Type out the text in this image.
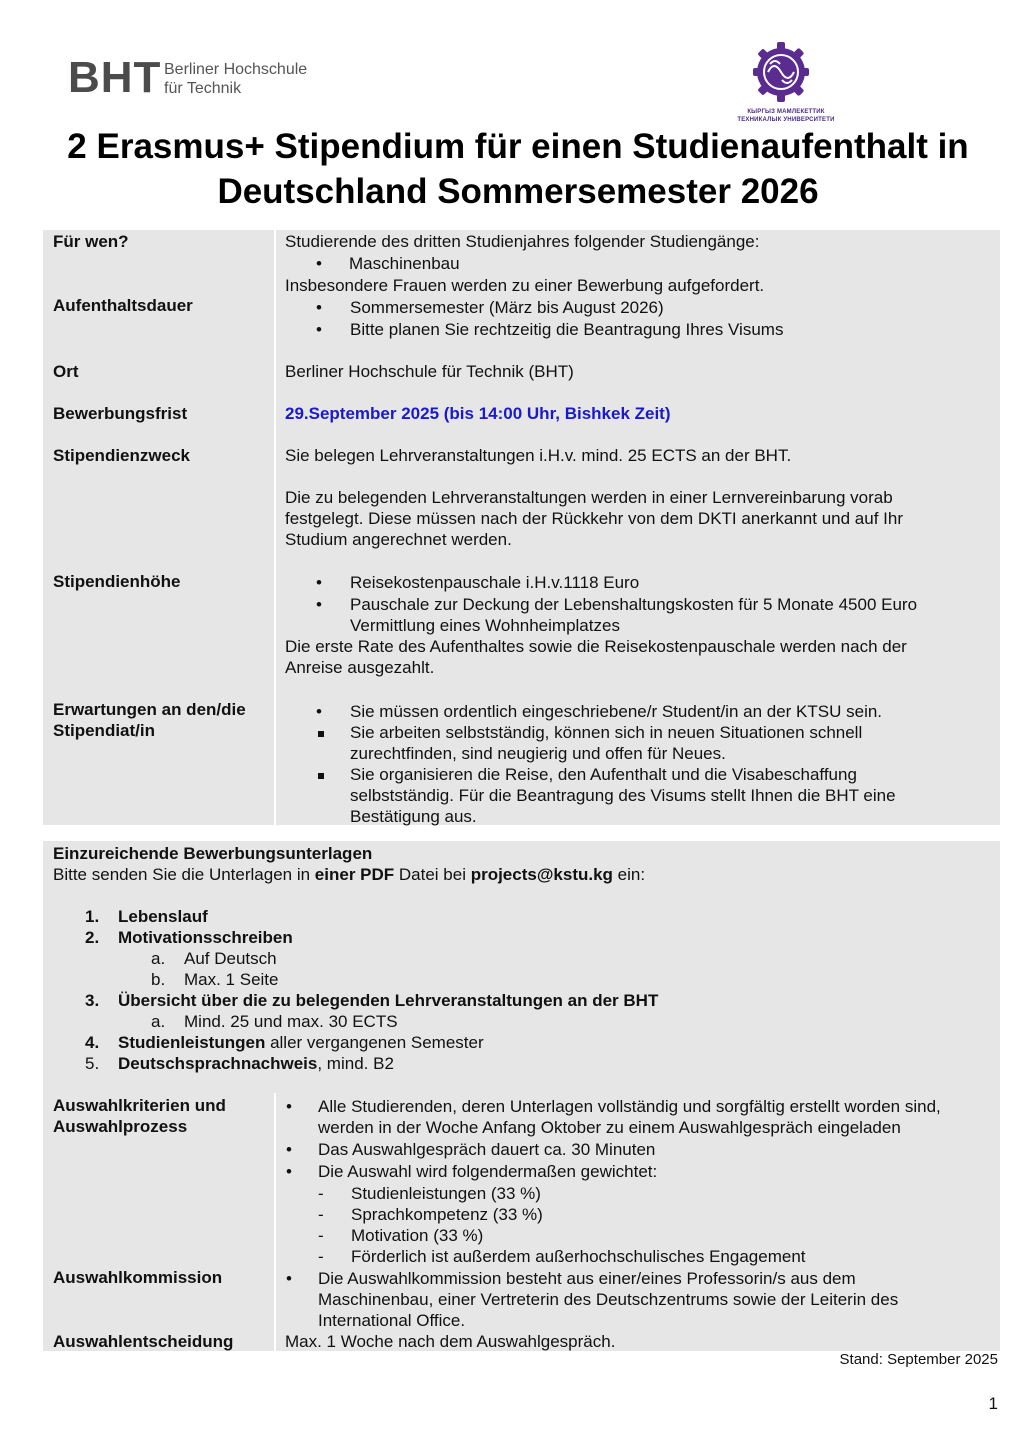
BHT Berliner Hochschule
für Technik
КЫРГЫЗ МАМЛЕКЕТТИК
ТЕХНИКАЛЫК УНИВЕРСИТЕТИ
2 Erasmus+ Stipendium für einen Studienaufenthalt in
Deutschland Sommersemester 2026
Für wen?	Studierende des dritten Studienjahres folgender Studiengänge:
• Maschinenbau
Insbesondere Frauen werden zu einer Bewerbung aufgefordert.
Aufenthaltsdauer	• Sommersemester (März bis August 2026)
• Bitte planen Sie rechtzeitig die Beantragung Ihres Visums
Ort	Berliner Hochschule für Technik (BHT)
Bewerbungsfrist	29.September 2025 (bis 14:00 Uhr, Bishkek Zeit)
Stipendienzweck	Sie belegen Lehrveranstaltungen i.H.v. mind. 25 ECTS an der BHT.
Die zu belegenden Lehrveranstaltungen werden in einer Lernvereinbarung vorab
festgelegt. Diese müssen nach der Rückkehr von dem DKTI anerkannt und auf Ihr
Studium angerechnet werden.
Stipendienhöhe	• Reisekostenpauschale i.H.v.1118 Euro
• Pauschale zur Deckung der Lebenshaltungskosten für 5 Monate 4500 Euro
Vermittlung eines Wohnheimplatzes
Die erste Rate des Aufenthaltes sowie die Reisekostenpauschale werden nach der
Anreise ausgezahlt.
Erwartungen an den/die
Stipendiat/in
• Sie müssen ordentlich eingeschriebene/r Student/in an der KTSU sein.
Sie arbeiten selbstständig, können sich in neuen Situationen schnell
zurechtfinden, sind neugierig und offen für Neues.
Sie organisieren die Reise, den Aufenthalt und die Visabeschaffung
selbstständig. Für die Beantragung des Visums stellt Ihnen die BHT eine
Bestätigung aus.
Einzureichende Bewerbungsunterlagen
Bitte senden Sie die Unterlagen in einer PDF Datei bei projects@kstu.kg ein:
1. Lebenslauf
2. Motivationsschreiben
a. Auf Deutsch
b. Max. 1 Seite
3. Übersicht über die zu belegenden Lehrveranstaltungen an der BHT
a. Mind. 25 und max. 30 ECTS
4. Studienleistungen aller vergangenen Semester
5. Deutschsprachnachweis, mind. B2
Auswahlkriterien und
Auswahlprozess
• Alle Studierenden, deren Unterlagen vollständig und sorgfältig erstellt worden sind,
werden in der Woche Anfang Oktober zu einem Auswahlgespräch eingeladen
• Das Auswahlgespräch dauert ca. 30 Minuten
• Die Auswahl wird folgendermaßen gewichtet:
- Studienleistungen (33 %)
- Sprachkompetenz (33 %)
- Motivation (33 %)
- Förderlich ist außerdem außerhochschulisches Engagement
Auswahlkommission	• Die Auswahlkommission besteht aus einer/eines Professorin/s aus dem
Maschinenbau, einer Vertreterin des Deutschzentrums sowie der Leiterin des
International Office.
Auswahlentscheidung	Max. 1 Woche nach dem Auswahlgespräch.
Stand: September 2025
1
